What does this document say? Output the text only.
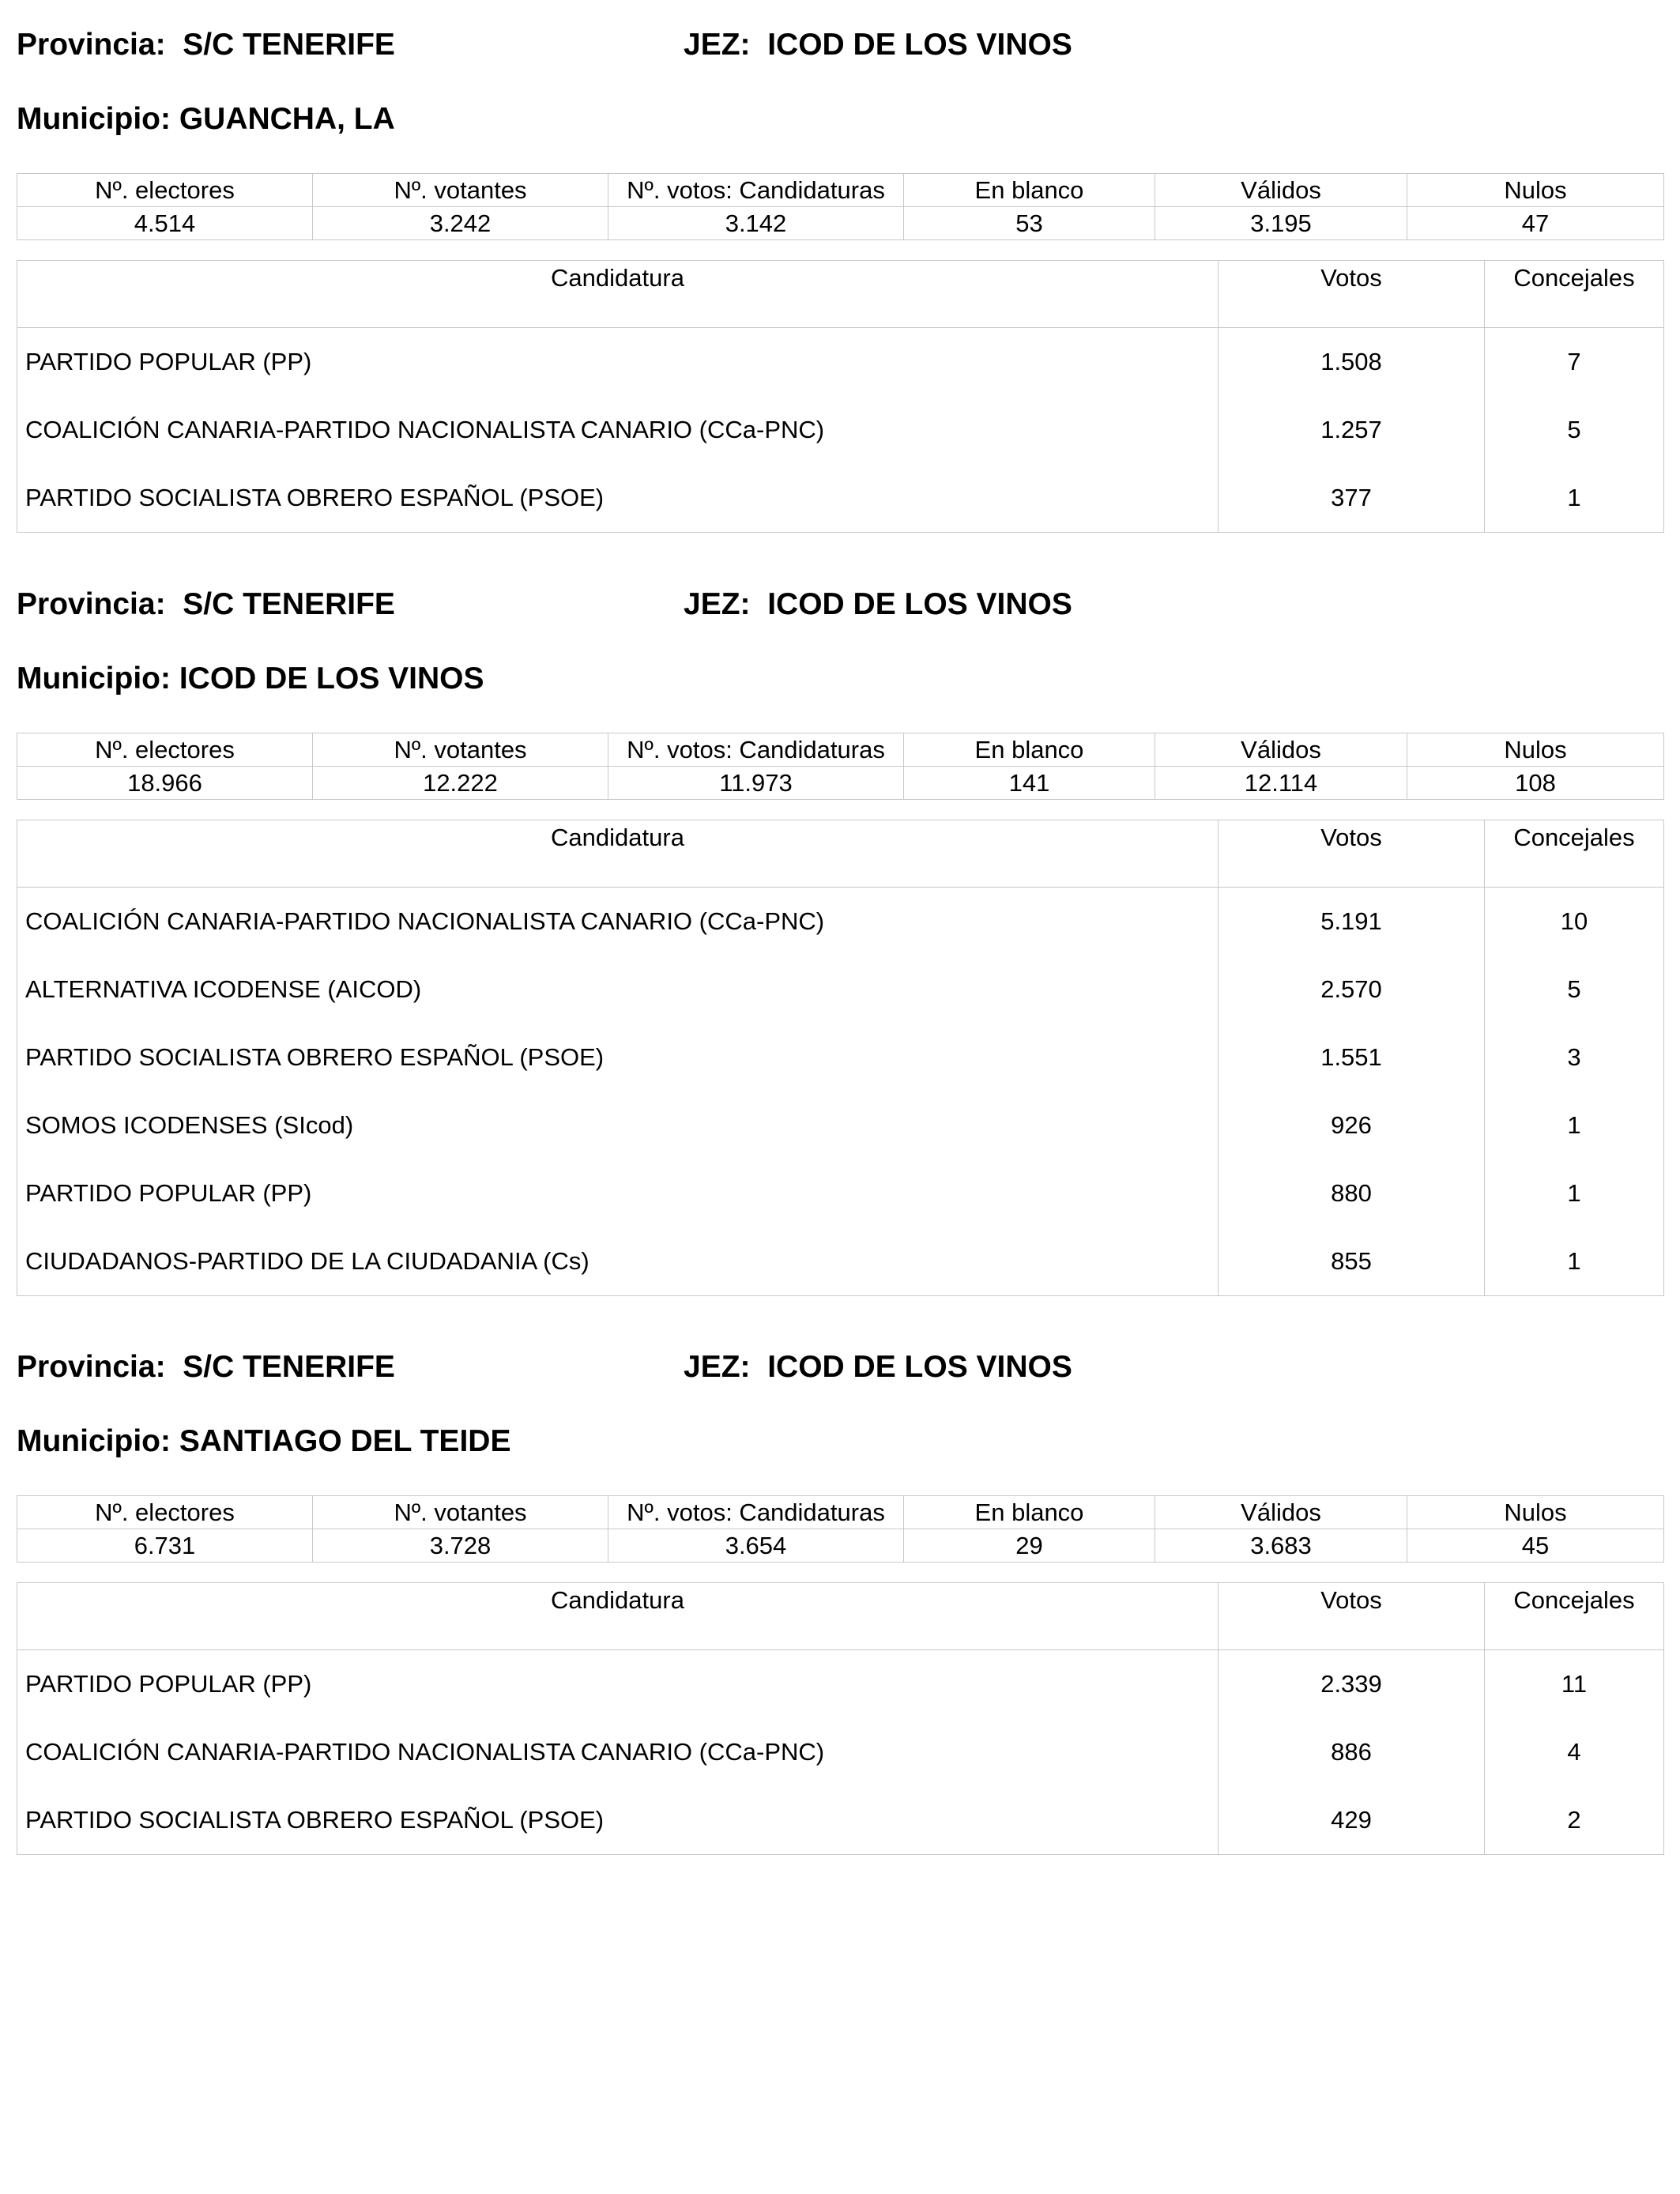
Provincia: S/C TENERIFE	JEZ: ICOD DE LOS VINOS
Municipio: GUANCHA, LA
Nº. electores	Nº. votantes	Nº. votos: Candidaturas	En blanco	Válidos	Nulos
4.514	3.242	3.142	53	3.195	47
Candidatura	Votos	Concejales
PARTIDO POPULAR (PP)	1.508	7
COALICIÓN CANARIA-PARTIDO NACIONALISTA CANARIO (CCa-PNC)	1.257	5
PARTIDO SOCIALISTA OBRERO ESPAÑOL (PSOE)	377	1
Provincia: S/C TENERIFE	JEZ: ICOD DE LOS VINOS
Municipio: ICOD DE LOS VINOS
Nº. electores	Nº. votantes	Nº. votos: Candidaturas	En blanco	Válidos	Nulos
18.966	12.222	11.973	141	12.114	108
Candidatura	Votos	Concejales
COALICIÓN CANARIA-PARTIDO NACIONALISTA CANARIO (CCa-PNC)	5.191	10
ALTERNATIVA ICODENSE (AICOD)	2.570	5
PARTIDO SOCIALISTA OBRERO ESPAÑOL (PSOE)	1.551	3
SOMOS ICODENSES (SIcod)	926	1
PARTIDO POPULAR (PP)	880	1
CIUDADANOS-PARTIDO DE LA CIUDADANIA (Cs)	855	1
Provincia: S/C TENERIFE	JEZ: ICOD DE LOS VINOS
Municipio: SANTIAGO DEL TEIDE
Nº. electores	Nº. votantes	Nº. votos: Candidaturas	En blanco	Válidos	Nulos
6.731	3.728	3.654	29	3.683	45
Candidatura	Votos	Concejales
PARTIDO POPULAR (PP)	2.339	11
COALICIÓN CANARIA-PARTIDO NACIONALISTA CANARIO (CCa-PNC)	886	4
PARTIDO SOCIALISTA OBRERO ESPAÑOL (PSOE)	429	2
